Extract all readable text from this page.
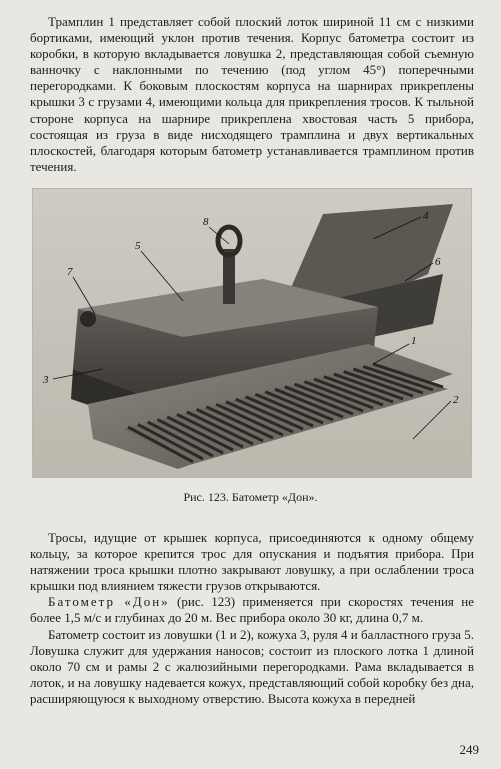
Трамплин 1 представляет собой плоский лоток шириной 11 см с низкими бортиками, имеющий уклон против течения. Корпус батометра состоит из коробки, в которую вкладывается ловушка 2, представляющая собой съемную ванночку с наклонными по течению (под углом 45°) поперечными перегородками. К боковым плоскостям корпуса на шарнирах прикреплены крышки 3 с грузами 4, имеющими кольца для прикрепления тросов. К тыльной стороне корпуса на шарнире прикреплена хвостовая часть 5 прибора, состоящая из груза в виде нисходящего трамплина и двух вертикальных плоскостей, благодаря которым батометр устанавливается трамплином против течения.

8
5
7
4
6
1
2
3
Рис. 123. Батометр «Дон».

Тросы, идущие от крышек корпуса, присоединяются к одному общему кольцу, за которое крепится трос для опускания и подъятия прибора. При натяжении троса крышки плотно закрывают ловушку, а при ослаблении троса крышки под влиянием тяжести грузов открываются.

Батометр «Дон» (рис. 123) применяется при скоростях течения не более 1,5 м/с и глубинах до 20 м. Вес прибора около 30 кг, длина 0,7 м.

Батометр состоит из ловушки (1 и 2), кожуха 3, руля 4 и балластного груза 5. Ловушка служит для удержания наносов; состоит из плоского лотка 1 длиной около 70 см и рамы 2 с жалюзийными перегородками. Рама вкладывается в лоток, и на ловушку надевается кожух, представляющий собой коробку без дна, расширяющуюся к выходному отверстию. Высота кожуха в передней

249
